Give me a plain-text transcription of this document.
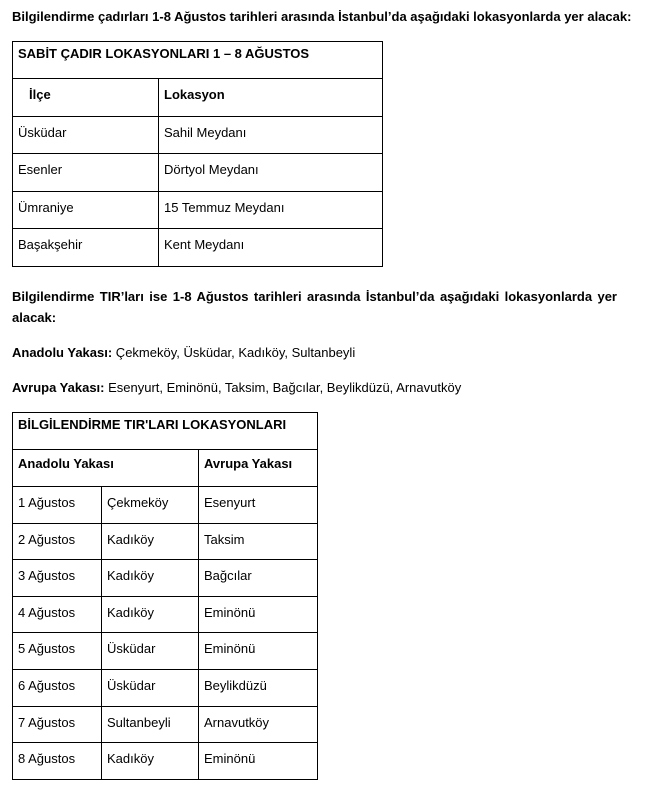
Bilgilendirme çadırları 1-8 Ağustos tarihleri arasında İstanbul’da aşağıdaki lokasyonlarda yer alacak:

SABİT ÇADIR LOKASYONLARI 1 – 8 AĞUSTOS	
İlçe	Lokasyon
Üsküdar	Sahil Meydanı
Esenler	Dörtyol Meydanı
Ümraniye	15 Temmuz Meydanı
Başakşehir	Kent Meydanı

Bilgilendirme TIR’ları ise 1-8 Ağustos tarihleri arasında İstanbul’da aşağıdaki lokasyonlarda yer

alacak:

Anadolu Yakası: Çekmeköy, Üsküdar, Kadıköy, Sultanbeyli

Avrupa Yakası: Esenyurt, Eminönü, Taksim, Bağcılar, Beylikdüzü, Arnavutköy

BİLGİLENDİRME TIR'LARI LOKASYONLARI		
Anadolu Yakası		Avrupa Yakası
1 Ağustos	Çekmeköy	Esenyurt
2 Ağustos	Kadıköy	Taksim
3 Ağustos	Kadıköy	Bağcılar
4 Ağustos	Kadıköy	Eminönü
5 Ağustos	Üsküdar	Eminönü
6 Ağustos	Üsküdar	Beylikdüzü
7 Ağustos	Sultanbeyli	Arnavutköy
8 Ağustos	Kadıköy	Eminönü
